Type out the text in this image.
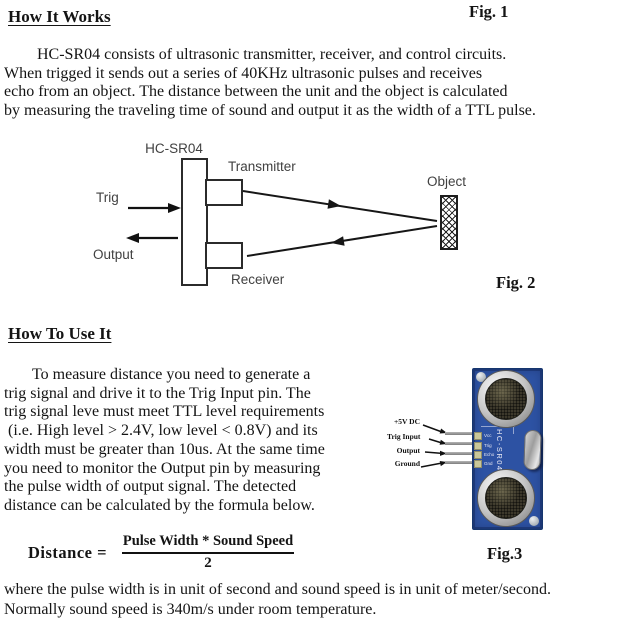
How It Works	Fig. 1
HC-SR04 consists of ultrasonic transmitter, receiver, and control circuits.
When trigged it sends out a series of 40KHz ultrasonic pulses and receives
echo from an object. The distance between the unit and the object is calculated
by measuring the traveling time of sound and output it as the width of a TTL pulse.
HC-SR04
Transmitter
Receiver
Trig
Output
Object
Fig. 2
How To Use It
To measure distance you need to generate a
trig signal and drive it to the Trig Input pin. The
trig signal leve must meet TTL level requirements
(i.e. High level > 2.4V, low level < 0.8V) and its
width must be greater than 10us. At the same time
you need to monitor the Output pin by measuring
the pulse width of output signal. The detected
distance can be calculated by the formula below.
+5V DC
Trig Input
Output
Ground
Vcc
Trig
Echo
Gnd HC-SR04
Distance =
Pulse Width * Sound Speed
2	Fig.3
where the pulse width is in unit of second and sound speed is in unit of meter/second.
Normally sound speed is 340m/s under room temperature.
